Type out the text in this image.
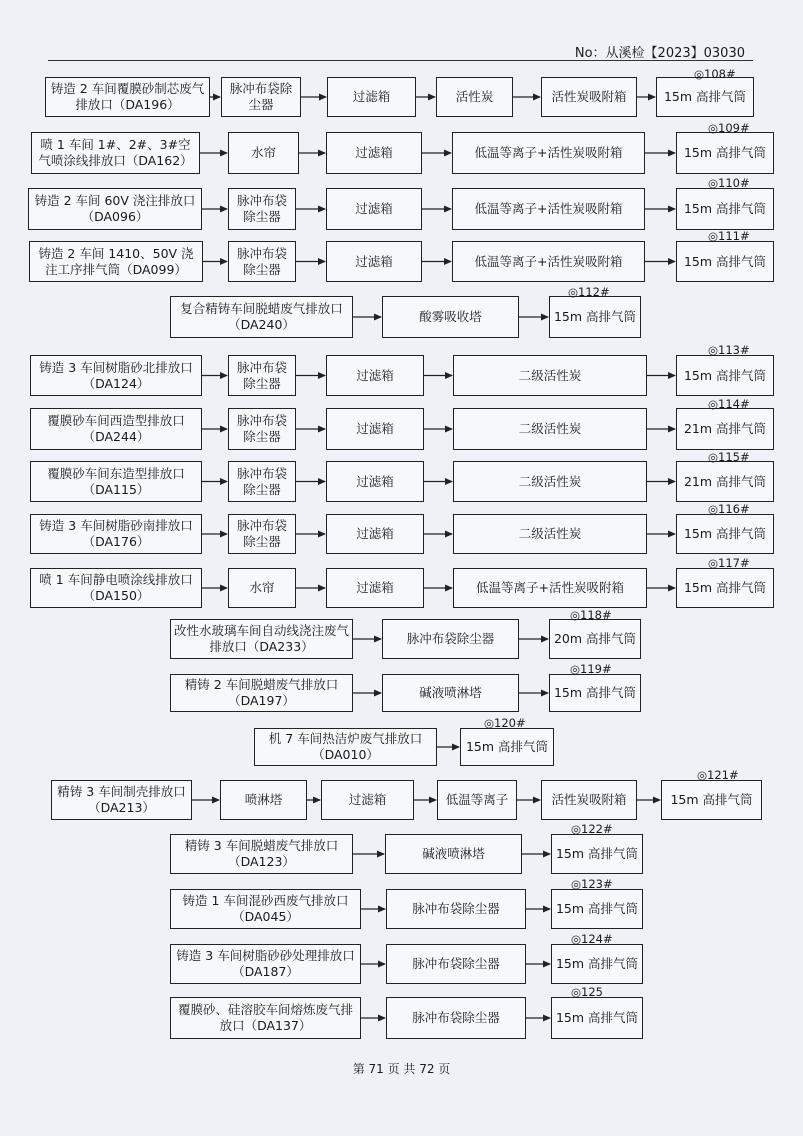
No：从溪检【2023】03030
铸造 2 车间覆膜砂制芯废气排放口（DA196）
脉冲布袋除尘器
过滤箱	活性炭	活性炭吸附箱	15m 高排气筒
◎108#
喷 1 车间 1#、2#、3#空气喷涂线排放口（DA162）
水帘	过滤箱	低温等离子+活性炭吸附箱	15m 高排气筒
◎109#
铸造 2 车间 60V 浇注排放口（DA096）
脉冲布袋除尘器
过滤箱	低温等离子+活性炭吸附箱	15m 高排气筒
◎110#
铸造 2 车间 1410、50V 浇注工序排气筒（DA099）
脉冲布袋除尘器
过滤箱	低温等离子+活性炭吸附箱	15m 高排气筒
◎111#
复合精铸车间脱蜡废气排放口（DA240）
酸雾吸收塔	15m 高排气筒
◎112#
铸造 3 车间树脂砂北排放口（DA124）
脉冲布袋除尘器
过滤箱	二级活性炭	15m 高排气筒
◎113#
覆膜砂车间西造型排放口（DA244）
脉冲布袋除尘器
过滤箱	二级活性炭	21m 高排气筒
◎114#
覆膜砂车间东造型排放口（DA115）
脉冲布袋除尘器
过滤箱	二级活性炭	21m 高排气筒
◎115#
铸造 3 车间树脂砂南排放口（DA176）
脉冲布袋除尘器
过滤箱	二级活性炭	15m 高排气筒
◎116#
喷 1 车间静电喷涂线排放口（DA150）
水帘	过滤箱	低温等离子+活性炭吸附箱	15m 高排气筒
◎117#
改性水玻璃车间自动线浇注废气排放口（DA233）
脉冲布袋除尘器	20m 高排气筒
◎118#
精铸 2 车间脱蜡废气排放口（DA197）
碱液喷淋塔	15m 高排气筒
◎119#
机 7 车间热洁炉废气排放口（DA010）
15m 高排气筒
◎120#
精铸 3 车间制壳排放口（DA213）
喷淋塔	过滤箱	低温等离子	活性炭吸附箱	15m 高排气筒
◎121#
精铸 3 车间脱蜡废气排放口（DA123）
碱液喷淋塔	15m 高排气筒
◎122#
铸造 1 车间混砂西废气排放口（DA045）
脉冲布袋除尘器	15m 高排气筒
◎123#
铸造 3 车间树脂砂砂处理排放口（DA187）
脉冲布袋除尘器	15m 高排气筒
◎124#
覆膜砂、硅溶胶车间熔炼废气排放口（DA137）
脉冲布袋除尘器	15m 高排气筒
◎125
第 71 页 共 72 页
